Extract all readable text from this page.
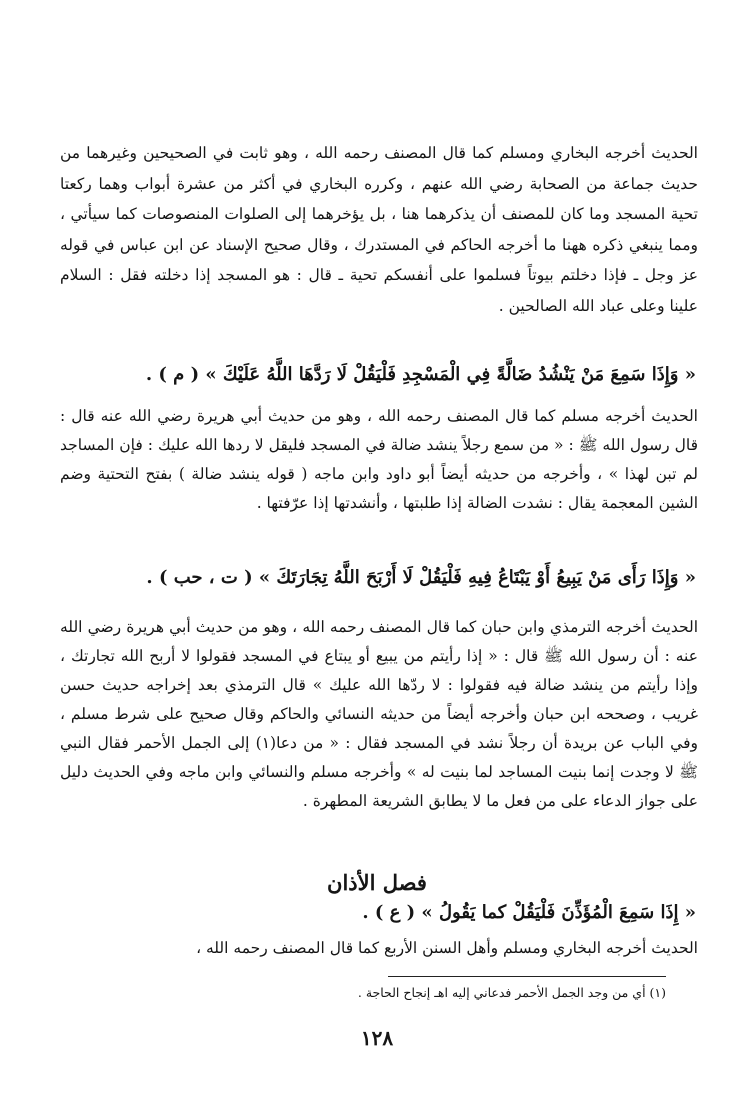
الحديث أخرجه البخاري ومسلم كما قال المصنف رحمه الله ، وهو ثابت في الصحيحين وغيرهما من حديث جماعة من الصحابة رضي الله عنهم ، وكرره البخاري في أكثر من عشرة أبواب وهما ركعتا تحية المسجد وما كان للمصنف أن يذكرهما هنا ، بل يؤخرهما إلى الصلوات المنصوصات كما سيأتي ، ومما ينبغي ذكره ههنا ما أخرجه الحاكم في المستدرك ، وقال صحيح الإسناد عن ابن عباس في قوله عز وجل ـ فإذا دخلتم بيوتاً فسلموا على أنفسكم تحية ـ قال : هو المسجد إذا دخلته فقل : السلام علينا وعلى عباد الله الصالحين .
« وَإِذَا سَمِعَ مَنْ يَنْشُدُ ضَالَّةً فِي الْمَسْجِدِ فَلْيَقُلْ لَا رَدَّهَا اللَّهُ عَلَيْكَ » ( م ) .
الحديث أخرجه مسلم كما قال المصنف رحمه الله ، وهو من حديث أبي هريرة رضي الله عنه قال : قال رسول الله ﷺ : « من سمع رجلاً ينشد ضالة في المسجد فليقل لا ردها الله عليك : فإن المساجد لم تبن لهذا » ، وأخرجه من حديثه أيضاً أبو داود وابن ماجه ( قوله ينشد ضالة ) بفتح التحتية وضم الشين المعجمة يقال : نشدت الضالة إذا طلبتها ، وأنشدتها إذا عرّفتها .
« وَإِذَا رَأَى مَنْ يَبِيعُ أَوْ يَبْتَاعُ فِيهِ فَلْيَقُلْ لَا أَرْبَحَ اللَّهُ تِجَارَتَكَ » ( ت ، حب ) .
الحديث أخرجه الترمذي وابن حبان كما قال المصنف رحمه الله ، وهو من حديث أبي هريرة رضي الله عنه : أن رسول الله ﷺ قال : « إذا رأيتم من يبيع أو يبتاع في المسجد فقولوا لا أربح الله تجارتك ، وإذا رأيتم من ينشد ضالة فيه فقولوا : لا ردّها الله عليك » قال الترمذي بعد إخراجه حديث حسن غريب ، وصححه ابن حبان وأخرجه أيضاً من حديثه النسائي والحاكم وقال صحيح على شرط مسلم ، وفي الباب عن بريدة أن رجلاً نشد في المسجد فقال : « من دعا(١) إلى الجمل الأحمر فقال النبي ﷺ لا وجدت إنما بنيت المساجد لما بنيت له » وأخرجه مسلم والنسائي وابن ماجه وفي الحديث دليل على جواز الدعاء على من فعل ما لا يطابق الشريعة المطهرة .
فصل الأذان
« إِذَا سَمِعَ الْمُؤَذِّنَ فَلْيَقُلْ كما يَقُولُ » ( ع ) .
الحديث أخرجه البخاري ومسلم وأهل السنن الأربع كما قال المصنف رحمه الله ،
(١) أي من وجد الجمل الأحمر فدعاني إليه اهـ إنجاح الحاجة .
١٢٨
